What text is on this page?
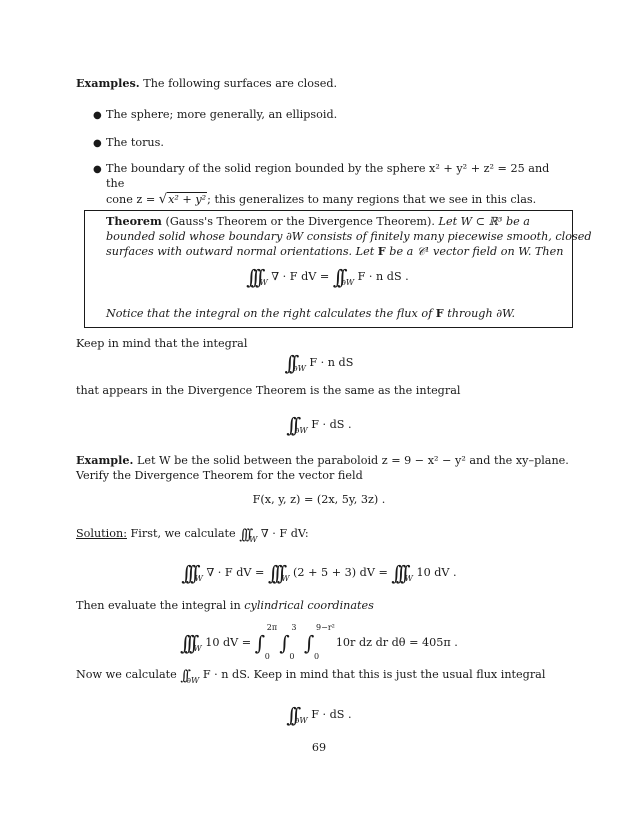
Examples. The following surfaces are closed.
● The sphere; more generally, an ellipsoid.
● The torus.
● The boundary of the solid region bounded by the sphere x² + y² + z² = 25 and the
cone z = √x² + y²; this generalizes to many regions that we see in this clas.
Theorem (Gauss's Theorem or the Divergence Theorem). Let W ⊂ ℝ³ be a
bounded solid whose boundary ∂W consists of finitely many piecewise smooth, closed
surfaces with outward normal orientations. Let F be a 𝒞¹ vector field on W. Then
$\int\int\int_W$ ∇ · F dV = $\int\int_{\partial W}$ F · n dS .
Notice that the integral on the right calculates the flux of F through ∂W.
Keep in mind that the integral
$\int\int_{\partial W}$ F · n dS
that appears in the Divergence Theorem is the same as the integral
$\int\int_{\partial W}$ F · dS .
Example. Let W be the solid between the paraboloid z = 9 − x² − y² and the xy–plane.
Verify the Divergence Theorem for the vector field
F(x, y, z) = (2x, 5y, 3z) .
Solution: First, we calculate $\int\int\int_W$ ∇ · F dV:
$\int\int\int_W$ ∇ · F dV = $\int\int\int_W$ (2 + 5 + 3) dV = $\int\int\int_W$ 10 dV .
Then evaluate the integral in cylindrical coordinates
$\int\int\int_W$ 10 dV = ∫
2π
0
∫
3
0
∫
9−r²
0
10r dz dr dθ = 405π .
Now we calculate $\int\int_{\partial W}$ F · n dS. Keep in mind that this is just the usual flux integral
$\int\int_{\partial W}$ F · dS .
69
